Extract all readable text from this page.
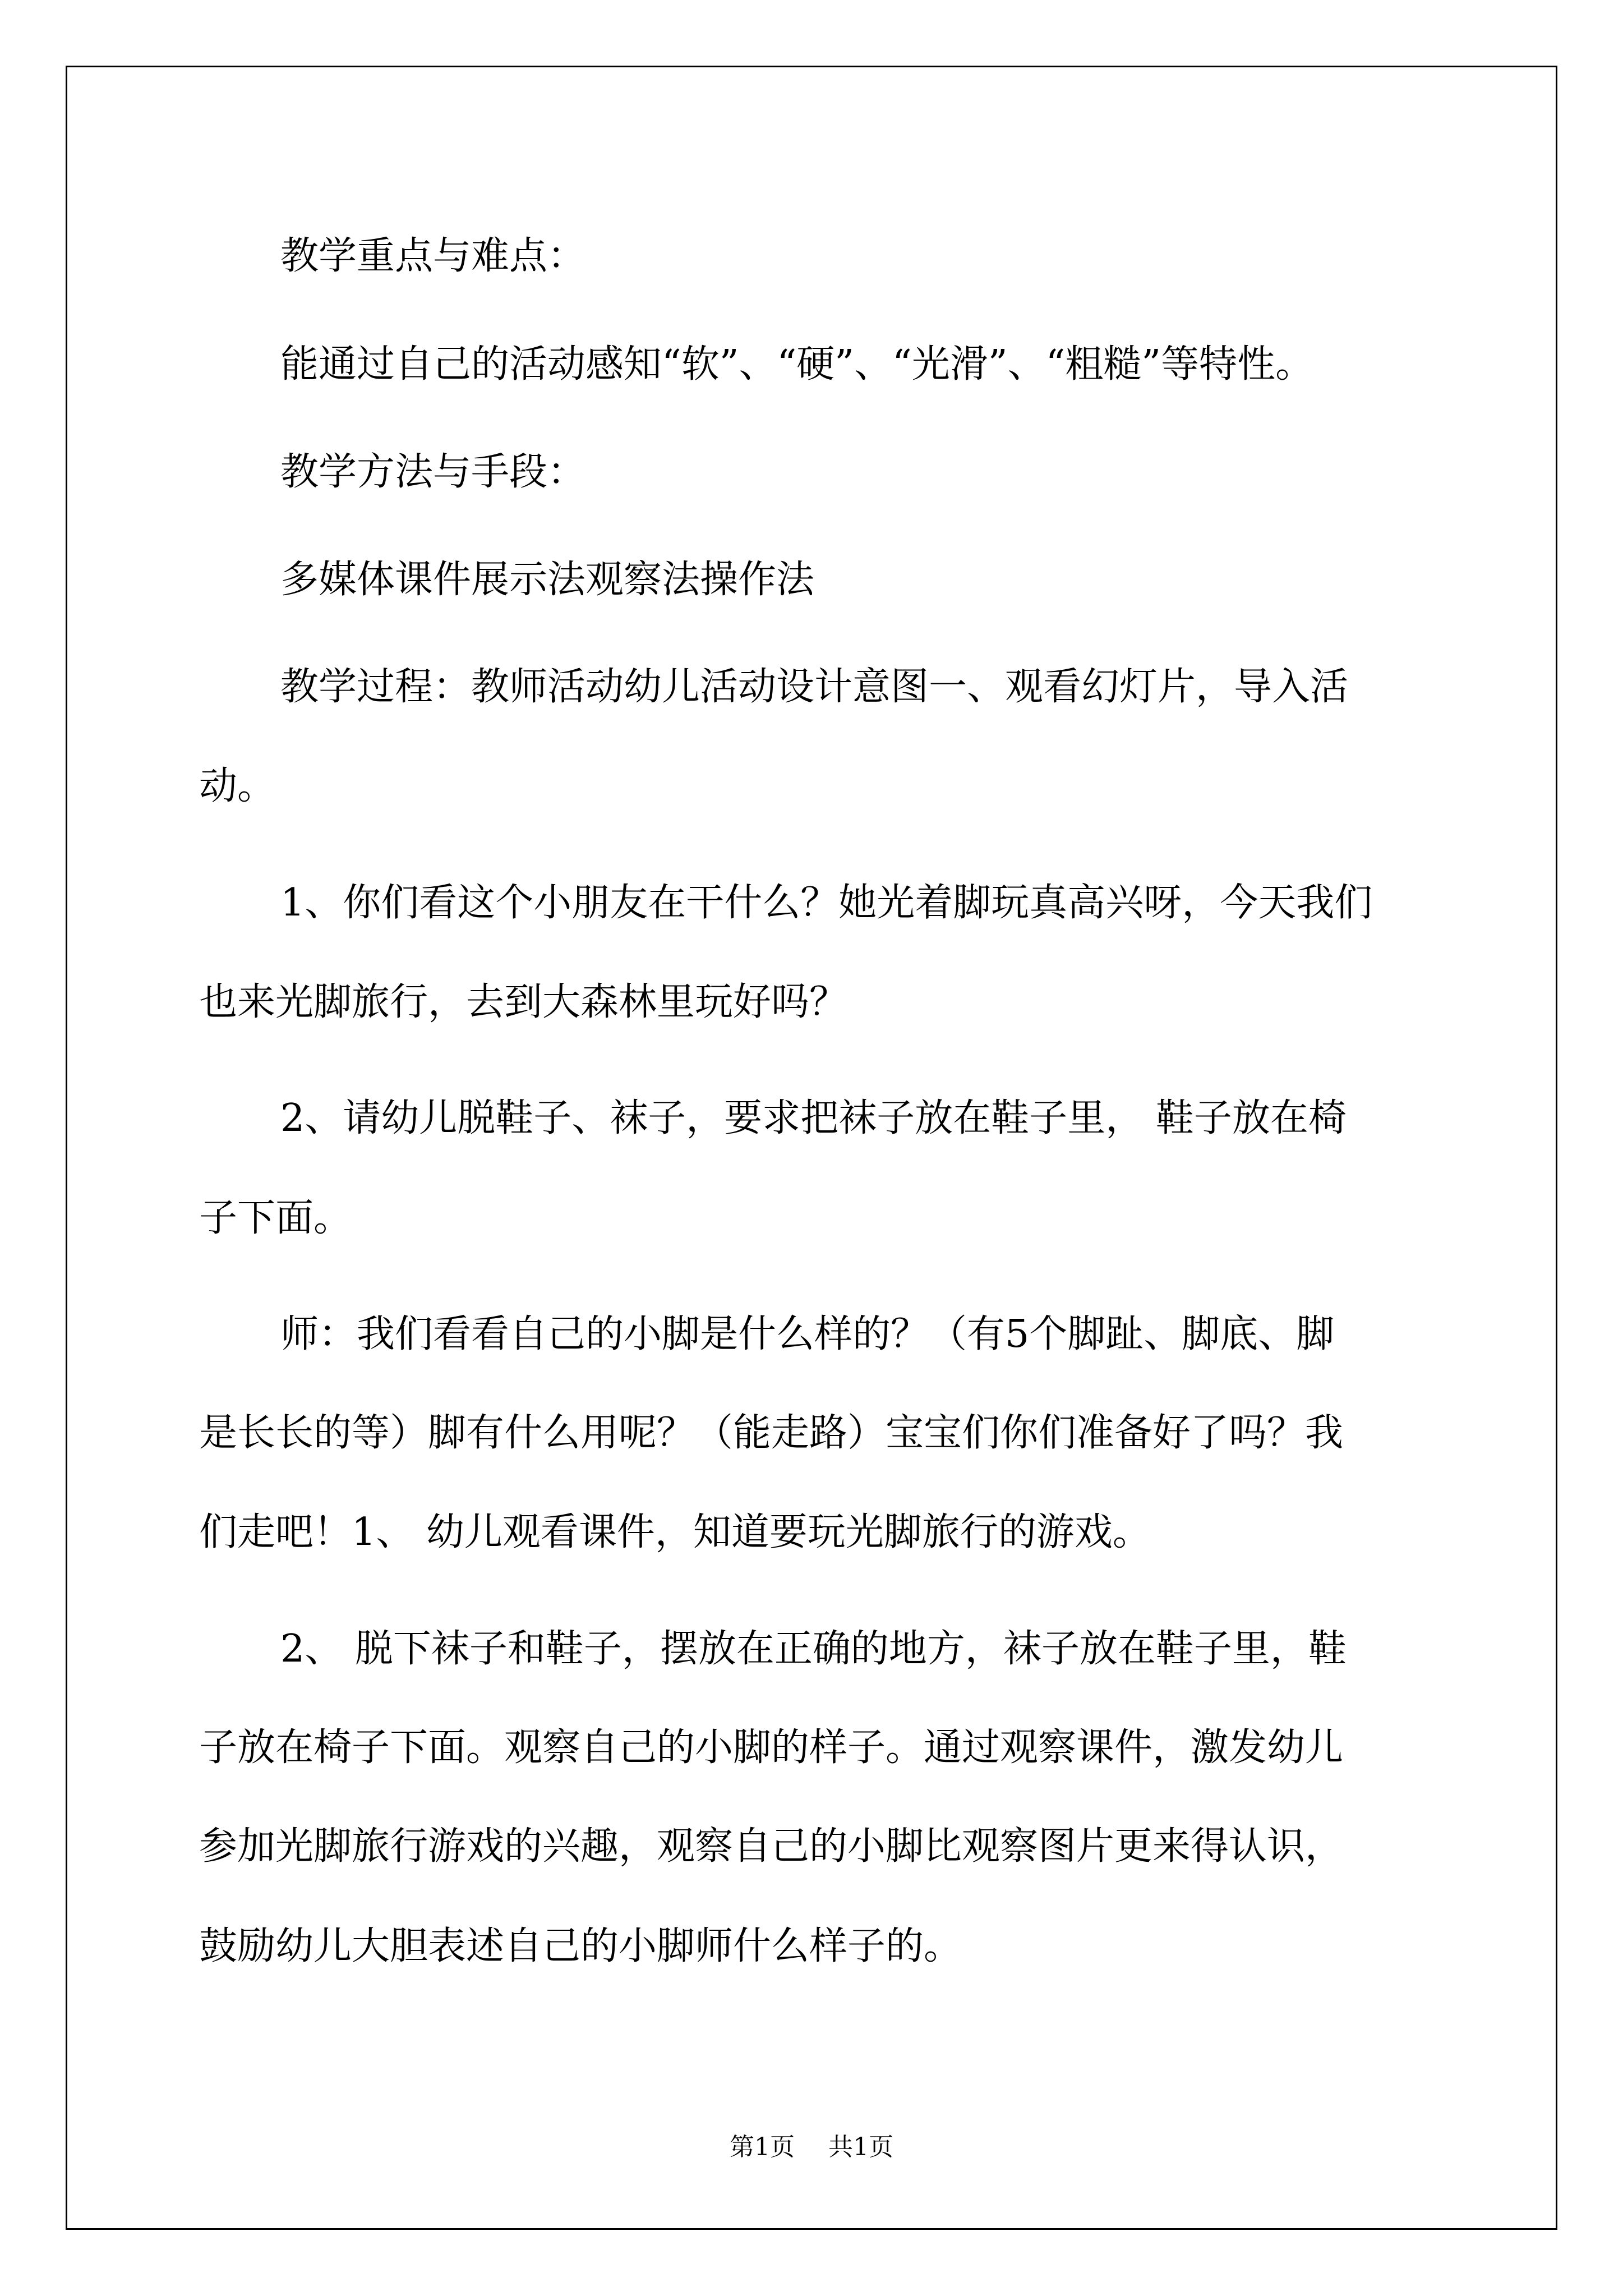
教学重点与难点：

能通过自己的活动感知“软”、“硬”、“光滑”、“粗糙”等特性。

教学方法与手段：

多媒体课件展示法观察法操作法

教学过程：教师活动幼儿活动设计意图一、观看幻灯片，导入活

动。

1、你们看这个小朋友在干什么？她光着脚玩真高兴呀，今天我们

也来光脚旅行，去到大森林里玩好吗？

2、请幼儿脱鞋子、袜子，要求把袜子放在鞋子里， 鞋子放在椅

子下面。

师：我们看看自己的小脚是什么样的？（有5个脚趾、脚底、脚

是长长的等）脚有什么用呢？（能走路）宝宝们你们准备好了吗？我

们走吧！1、 幼儿观看课件，知道要玩光脚旅行的游戏。

2、 脱下袜子和鞋子，摆放在正确的地方，袜子放在鞋子里，鞋

子放在椅子下面。观察自己的小脚的样子。通过观察课件，激发幼儿

参加光脚旅行游戏的兴趣，观察自己的小脚比观察图片更来得认识，

鼓励幼儿大胆表述自己的小脚师什么样子的。

第1页 共1页
